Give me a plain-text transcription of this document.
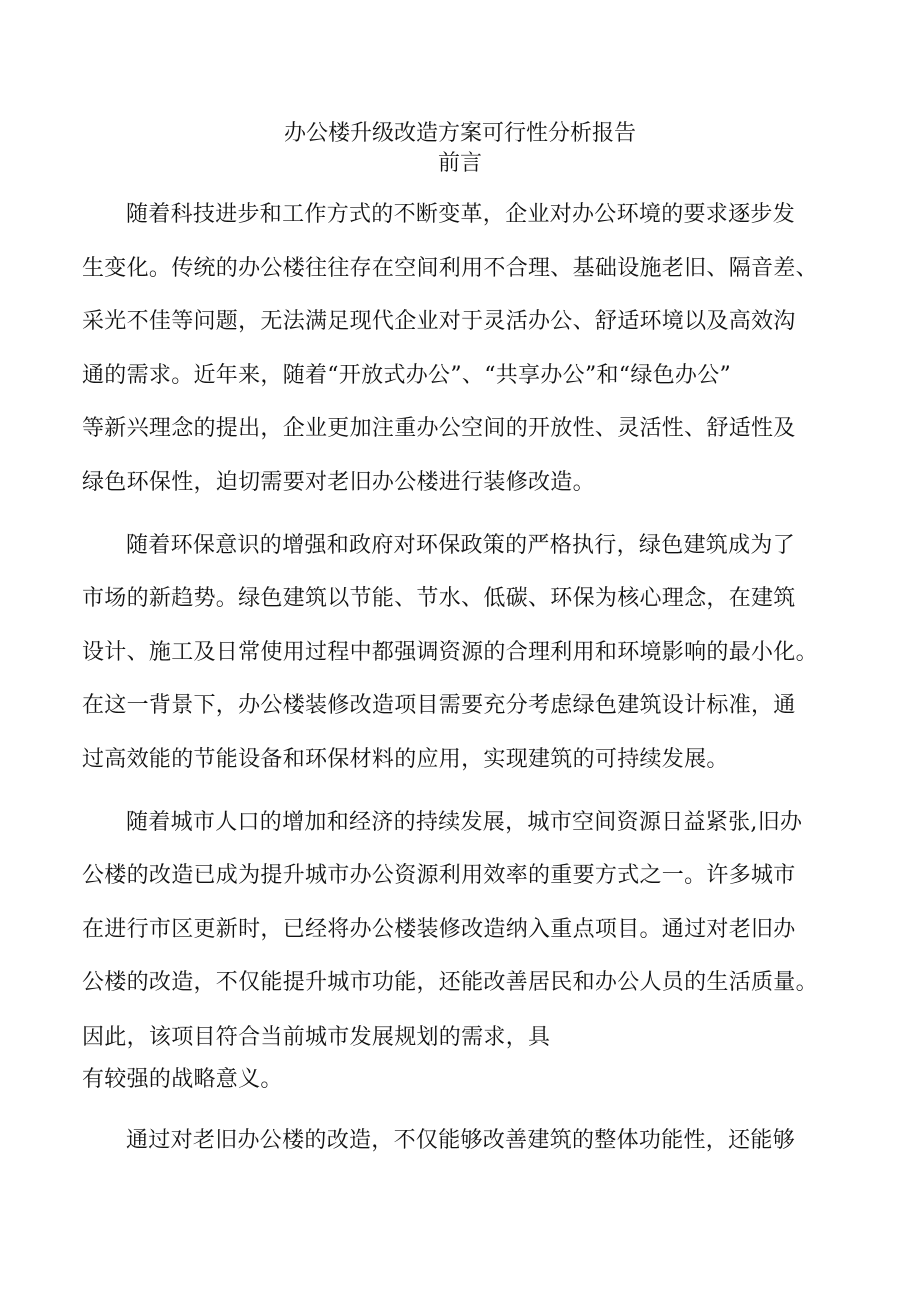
办公楼升级改造方案可行性分析报告
前言
随着科技进步和工作方式的不断变革，企业对办公环境的要求逐步发
生变化。传统的办公楼往往存在空间利用不合理、基础设施老旧、隔音差、
采光不佳等问题，无法满足现代企业对于灵活办公、舒适环境以及高效沟
通的需求。近年来，随着“开放式办公”、“共享办公”和“绿色办公”
等新兴理念的提出，企业更加注重办公空间的开放性、灵活性、舒适性及
绿色环保性，迫切需要对老旧办公楼进行装修改造。
随着环保意识的增强和政府对环保政策的严格执行，绿色建筑成为了
市场的新趋势。绿色建筑以节能、节水、低碳、环保为核心理念，在建筑
设计、施工及日常使用过程中都强调资源的合理利用和环境影响的最小化。
在这一背景下，办公楼装修改造项目需要充分考虑绿色建筑设计标准，通
过高效能的节能设备和环保材料的应用，实现建筑的可持续发展。
随着城市人口的增加和经济的持续发展，城市空间资源日益紧张,旧办
公楼的改造已成为提升城市办公资源利用效率的重要方式之一。许多城市
在进行市区更新时，已经将办公楼装修改造纳入重点项目。通过对老旧办
公楼的改造，不仅能提升城市功能，还能改善居民和办公人员的生活质量。
因此，该项目符合当前城市发展规划的需求，具
有较强的战略意义。
通过对老旧办公楼的改造，不仅能够改善建筑的整体功能性，还能够
